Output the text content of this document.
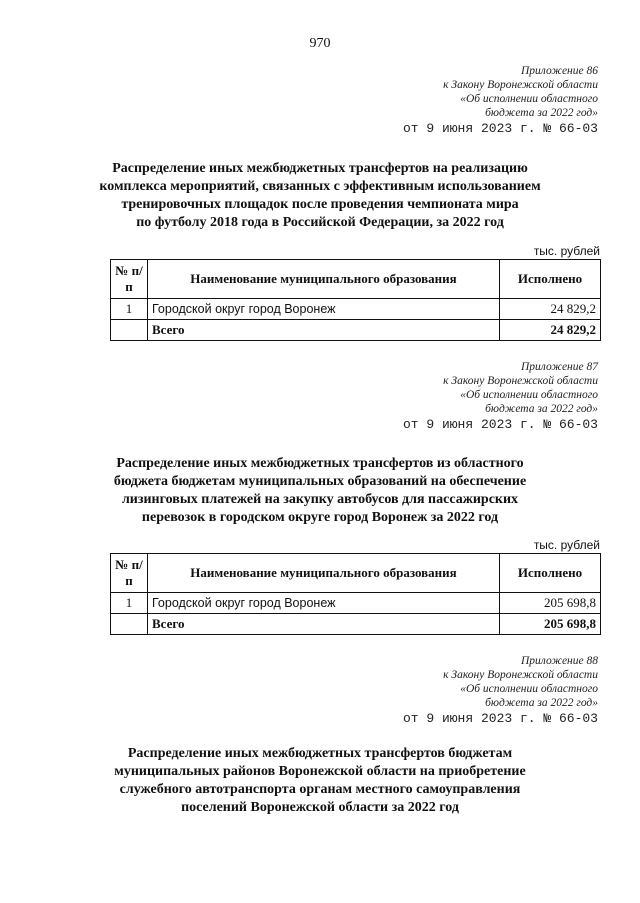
970
Приложение 86
к Закону Воронежской области
«Об исполнении областного
бюджета за 2022 год»
от 9 июня 2023 г. № 66-03
Распределение иных межбюджетных трансфертов на реализацию
комплекса мероприятий, связанных с эффективным использованием
тренировочных площадок после проведения чемпионата мира
по футболу 2018 года в Российской Федерации, за 2022 год
тыс. рублей
№ п/п	Наименование муниципального образования	Исполнено
1	Городской округ город Воронеж	24 829,2
	Всего	24 829,2
Приложение 87
к Закону Воронежской области
«Об исполнении областного
бюджета за 2022 год»
от 9 июня 2023 г. № 66-03
Распределение иных межбюджетных трансфертов из областного
бюджета бюджетам муниципальных образований на обеспечение
лизинговых платежей на закупку автобусов для пассажирских
перевозок в городском округе город Воронеж за 2022 год
тыс. рублей
№ п/п	Наименование муниципального образования	Исполнено
1	Городской округ город Воронеж	205 698,8
	Всего	205 698,8
Приложение 88
к Закону Воронежской области
«Об исполнении областного
бюджета за 2022 год»
от 9 июня 2023 г. № 66-03
Распределение иных межбюджетных трансфертов бюджетам
муниципальных районов Воронежской области на приобретение
служебного автотранспорта органам местного самоуправления
поселений Воронежской области за 2022 год
